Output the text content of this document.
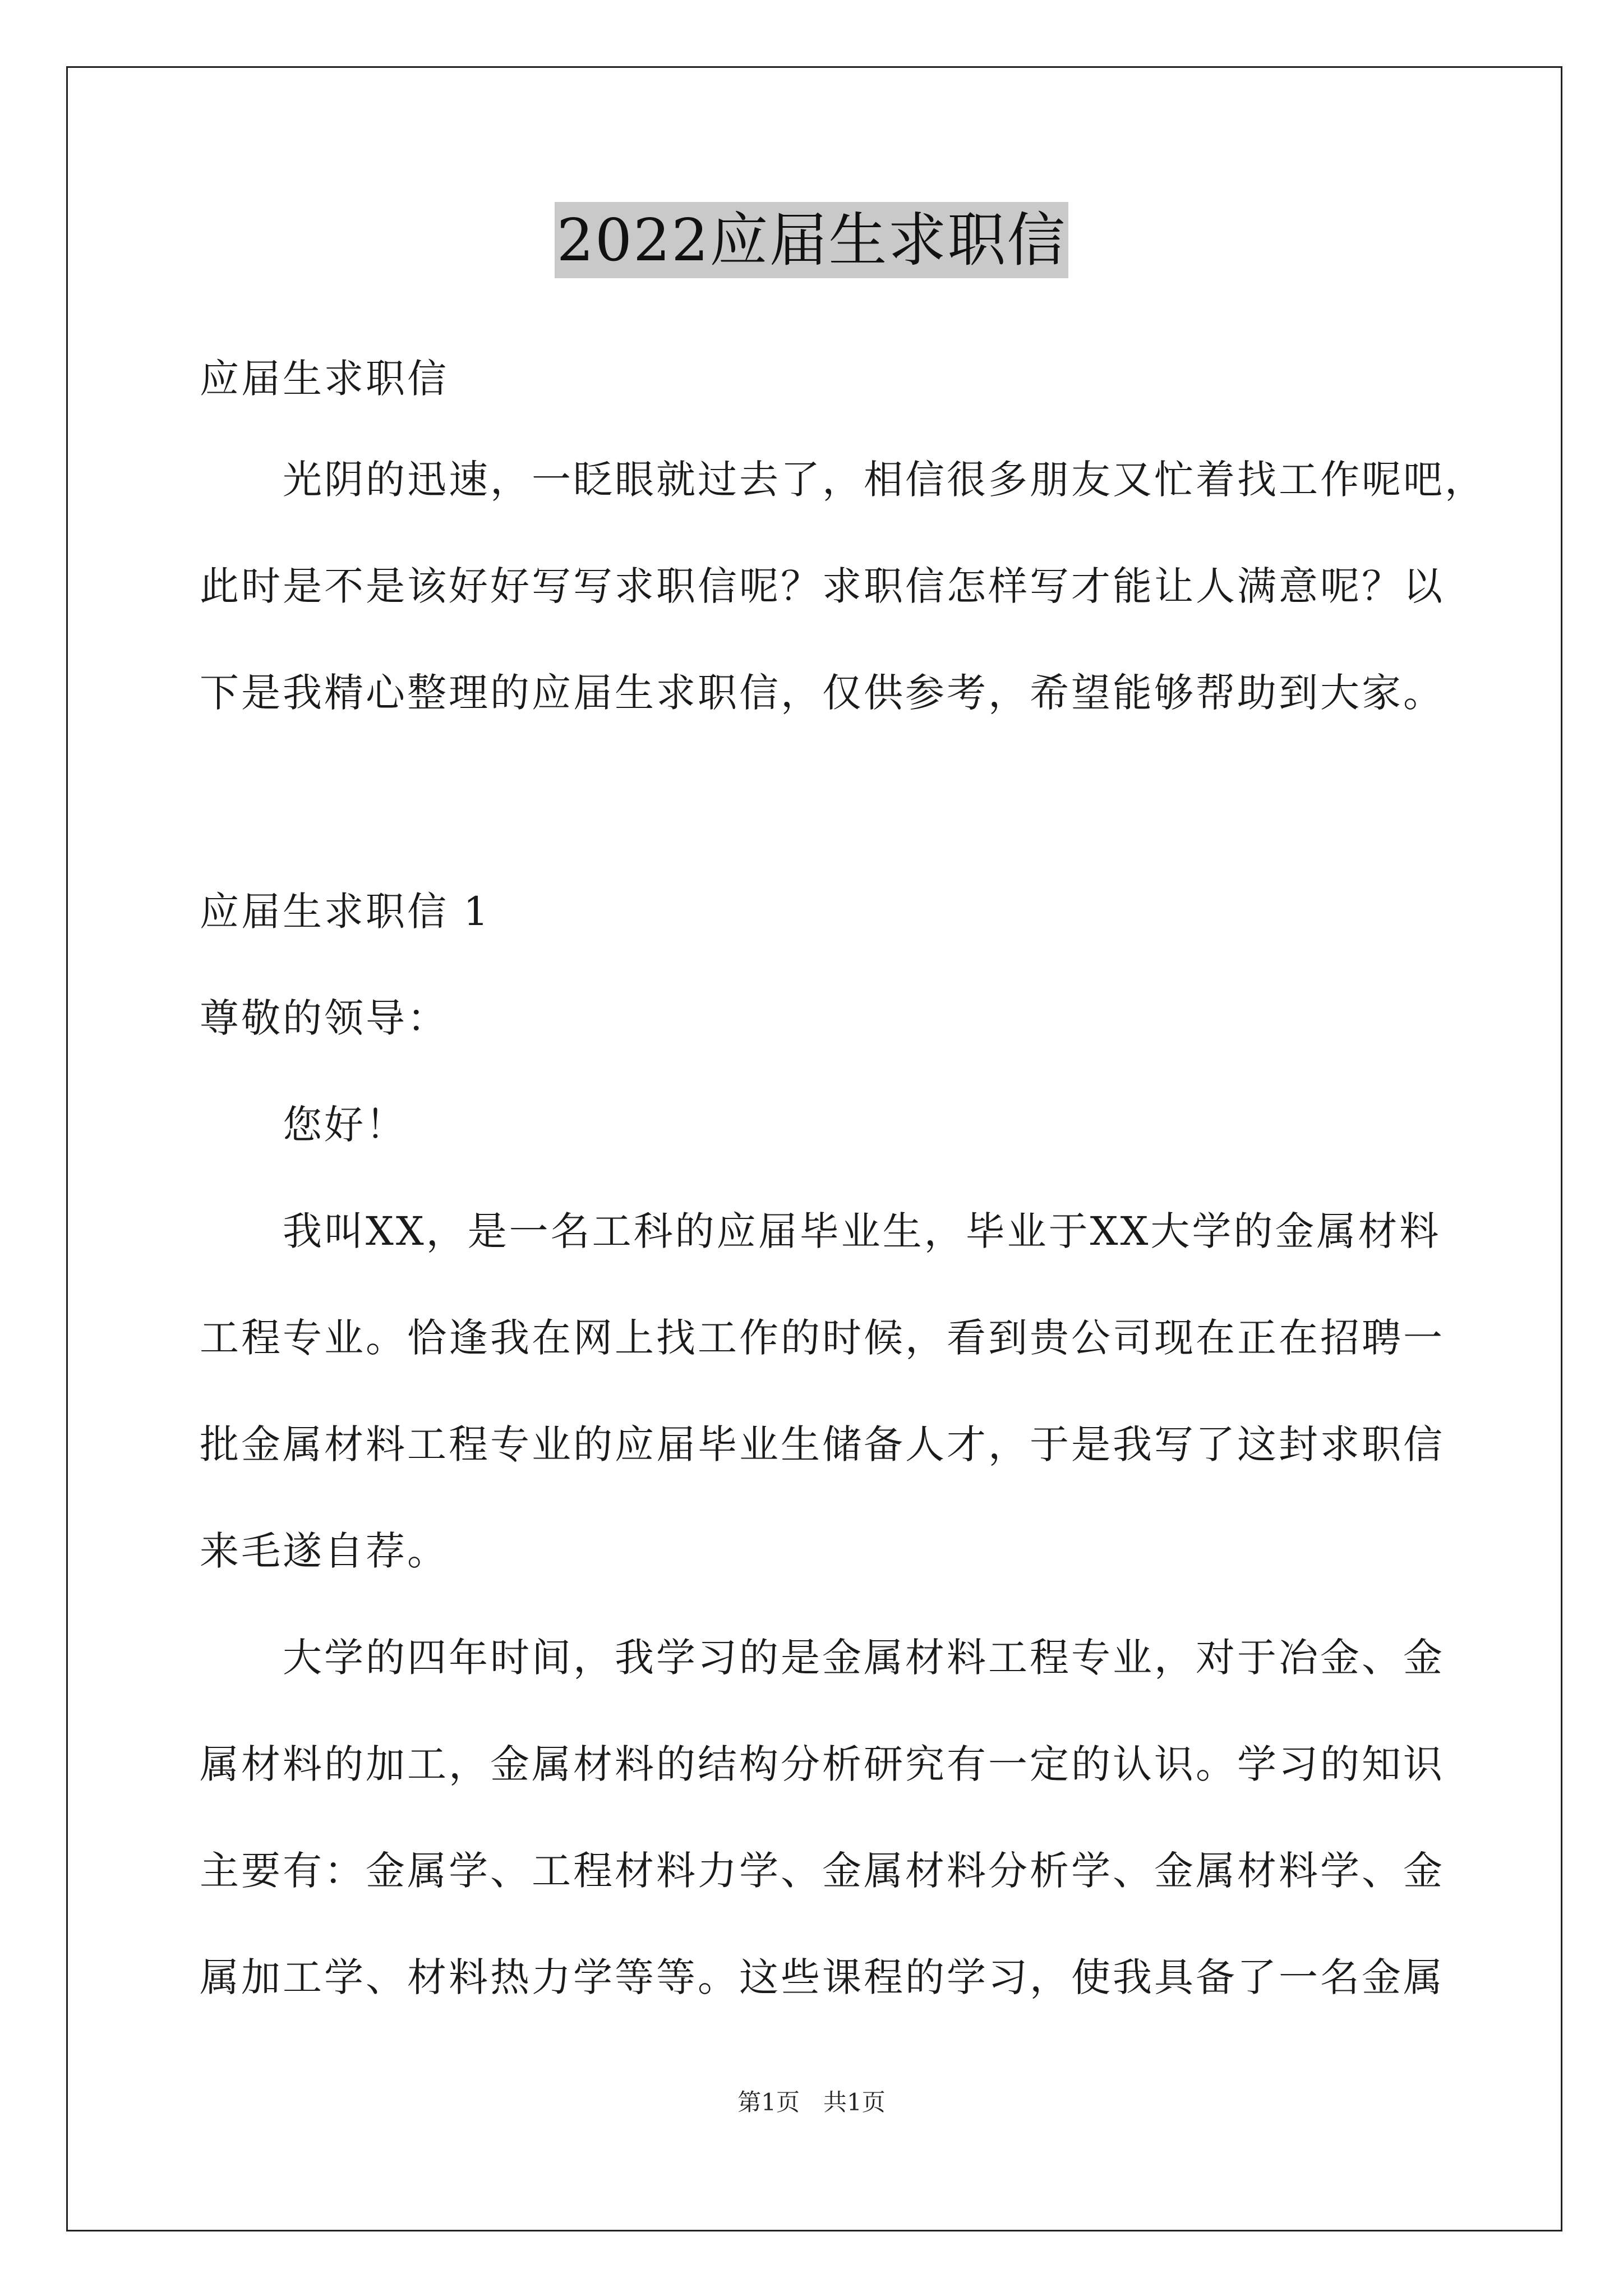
2022应届生求职信
应届生求职信
光阴的迅速，一眨眼就过去了，相信很多朋友又忙着找工作呢吧，
此时是不是该好好写写求职信呢？求职信怎样写才能让人满意呢？以
下是我精心整理的应届生求职信，仅供参考，希望能够帮助到大家。
应届生求职信 1
尊敬的领导：
您好！
我叫XX，是一名工科的应届毕业生，毕业于XX大学的金属材料
工程专业。恰逢我在网上找工作的时候，看到贵公司现在正在招聘一
批金属材料工程专业的应届毕业生储备人才，于是我写了这封求职信
来毛遂自荐。
大学的四年时间，我学习的是金属材料工程专业，对于冶金、金
属材料的加工，金属材料的结构分析研究有一定的认识。学习的知识
主要有：金属学、工程材料力学、金属材料分析学、金属材料学、金
属加工学、材料热力学等等。这些课程的学习，使我具备了一名金属
第1页　共1页
